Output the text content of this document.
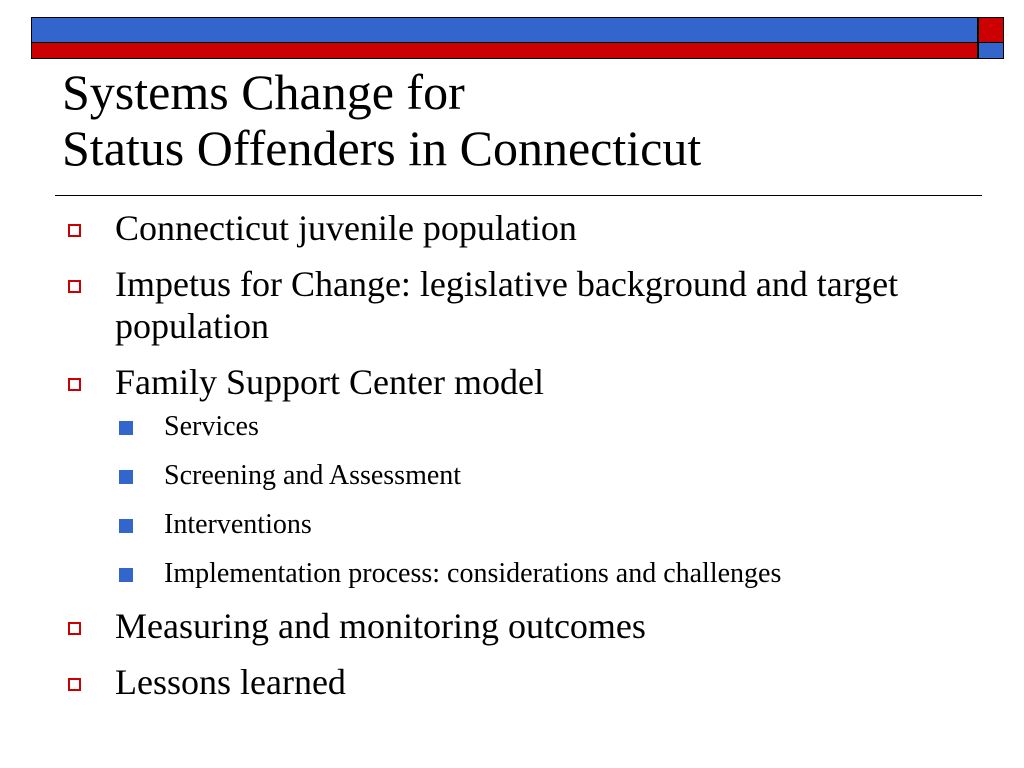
Systems Change for
Status Offenders in Connecticut
Connecticut juvenile population
Impetus for Change: legislative background and target population
Family Support Center model
Services
Screening and Assessment
Interventions
Implementation process: considerations and challenges
Measuring and monitoring outcomes
Lessons learned
